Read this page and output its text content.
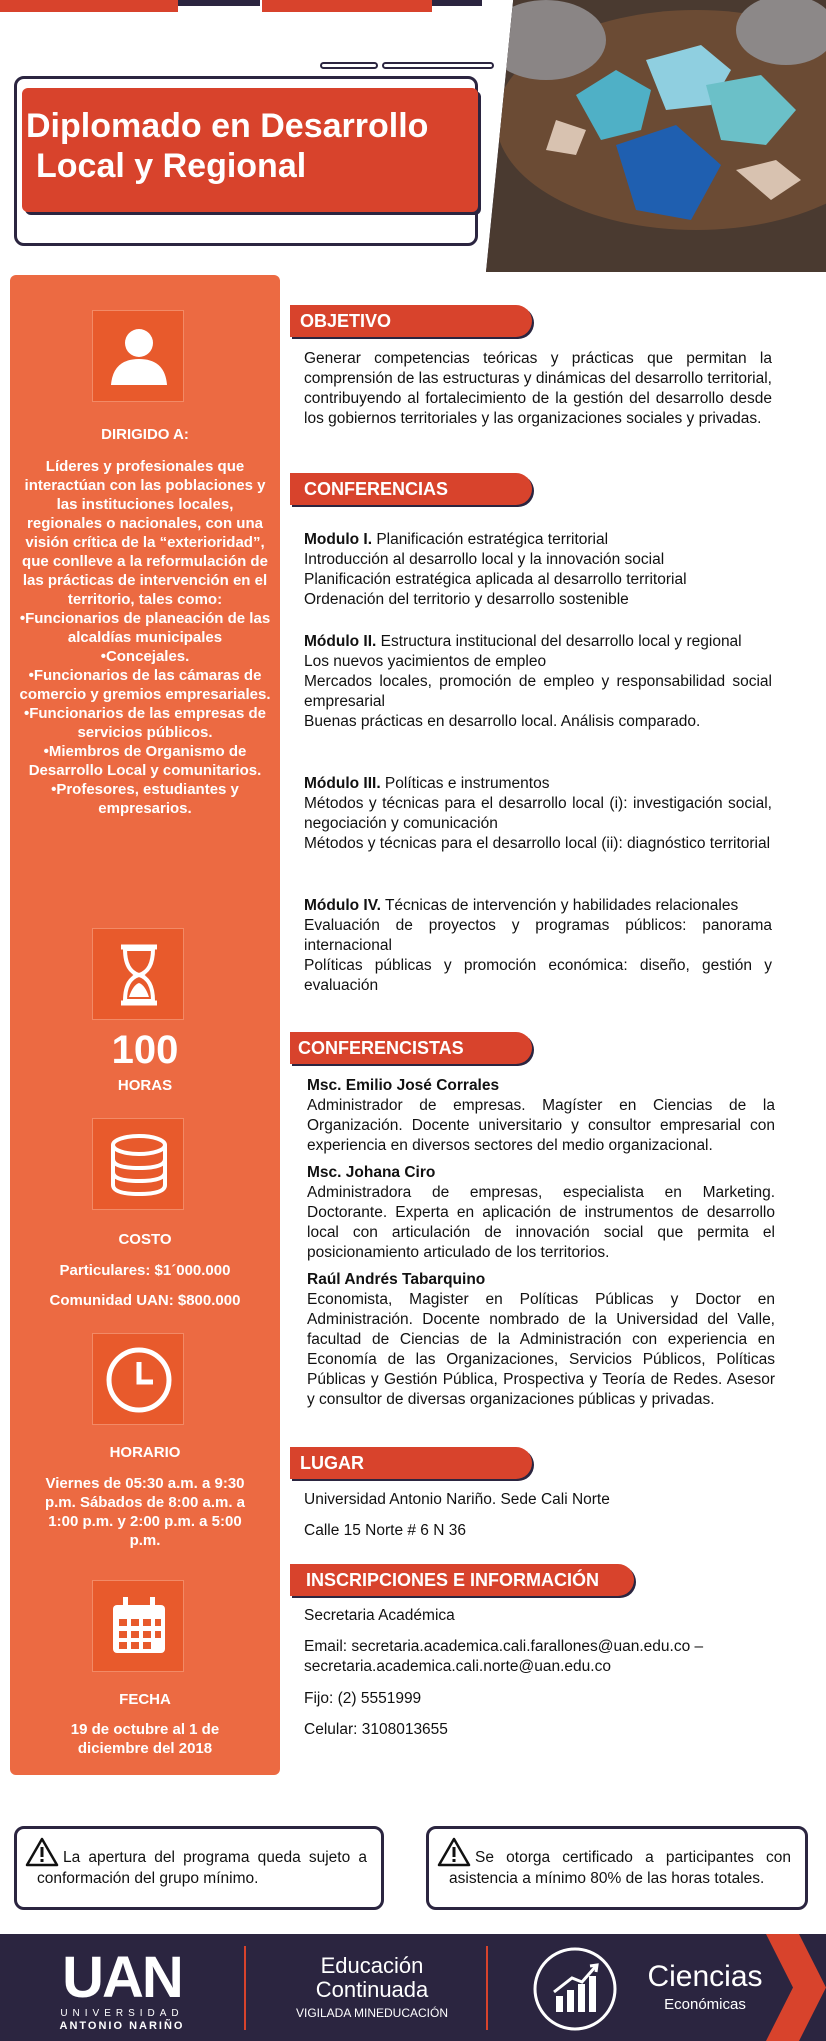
Diplomado en Desarrollo

Local y Regional
DIRIGIDO A:

Líderes y profesionales que interactúan con las poblaciones y las instituciones locales, regionales o nacionales, con una visión crítica de la “exterioridad”, que conlleve a la reformulación de las prácticas de intervención en el territorio, tales como:

•Funcionarios de planeación de las alcaldías municipales

•Concejales.

•Funcionarios de las cámaras de comercio y gremios empresariales.

•Funcionarios de las empresas de servicios públicos.

•Miembros de Organismo de Desarrollo Local y comunitarios.

•Profesores, estudiantes y empresarios.

100
HORAS
COSTO
Particulares: $1´000.000
Comunidad UAN: $800.000
HORARIO
Viernes de 05:30 a.m. a 9:30 p.m. Sábados de 8:00 a.m. a 1:00 p.m. y 2:00 p.m. a 5:00 p.m.
FECHA
19 de octubre al 1 de diciembre del 2018
OBJETIVO
Generar competencias teóricas y prácticas que permitan la comprensión de las estructuras y dinámicas del desarrollo territorial, contribuyendo al fortalecimiento de la gestión del desarrollo desde los gobiernos territoriales y las organizaciones sociales y privadas.
CONFERENCIAS

Modulo I. Planificación estratégica territorial

Introducción al desarrollo local y la innovación social

Planificación estratégica aplicada al desarrollo territorial

Ordenación del territorio y desarrollo sostenible

Módulo II. Estructura institucional del desarrollo local y regional

Los nuevos yacimientos de empleo

Mercados locales, promoción de empleo y responsabilidad social empresarial

Buenas prácticas en desarrollo local. Análisis comparado.

Módulo III. Políticas e instrumentos

Métodos y técnicas para el desarrollo local (i): investigación social, negociación y comunicación

Métodos y técnicas para el desarrollo local (ii): diagnóstico territorial

Módulo IV. Técnicas de intervención y habilidades relacionales

Evaluación de proyectos y programas públicos: panorama internacional

Políticas públicas y promoción económica: diseño, gestión y evaluación

CONFERENCISTAS
Msc. Emilio José Corrales

Administrador de empresas. Magíster en Ciencias de la Organización. Docente universitario y consultor empresarial con experiencia en diversos sectores del medio organizacional.

Msc. Johana Ciro

Administradora de empresas, especialista en Marketing. Doctorante. Experta en aplicación de instrumentos de desarrollo local con articulación de innovación social que permita el posicionamiento articulado de los territorios.

Raúl Andrés Tabarquino

Economista, Magister en Políticas Públicas y Doctor en Administración. Docente nombrado de la Universidad del Valle, facultad de Ciencias de la Administración con experiencia en Economía de las Organizaciones, Servicios Públicos, Políticas Públicas y Gestión Pública, Prospectiva y Teoría de Redes. Asesor y consultor de diversas organizaciones públicas y privadas.

LUGAR
Universidad Antonio Nariño. Sede Cali Norte
Calle 15 Norte # 6 N 36
INSCRIPCIONES E INFORMACIÓN
Secretaria Académica
Email: secretaria.academica.cali.farallones@uan.edu.co – secretaria.academica.cali.norte@uan.edu.co
Fijo: (2) 5551999
Celular: 3108013655
La apertura del programa queda sujeto a conformación del grupo mínimo.
Se otorga certificado a participantes con asistencia a mínimo 80% de las horas totales.
UAN
UNIVERSIDAD
ANTONIO NARIÑO
Educación
Continuada
VIGILADA MINEDUCACIÓN
Ciencias
Económicas
